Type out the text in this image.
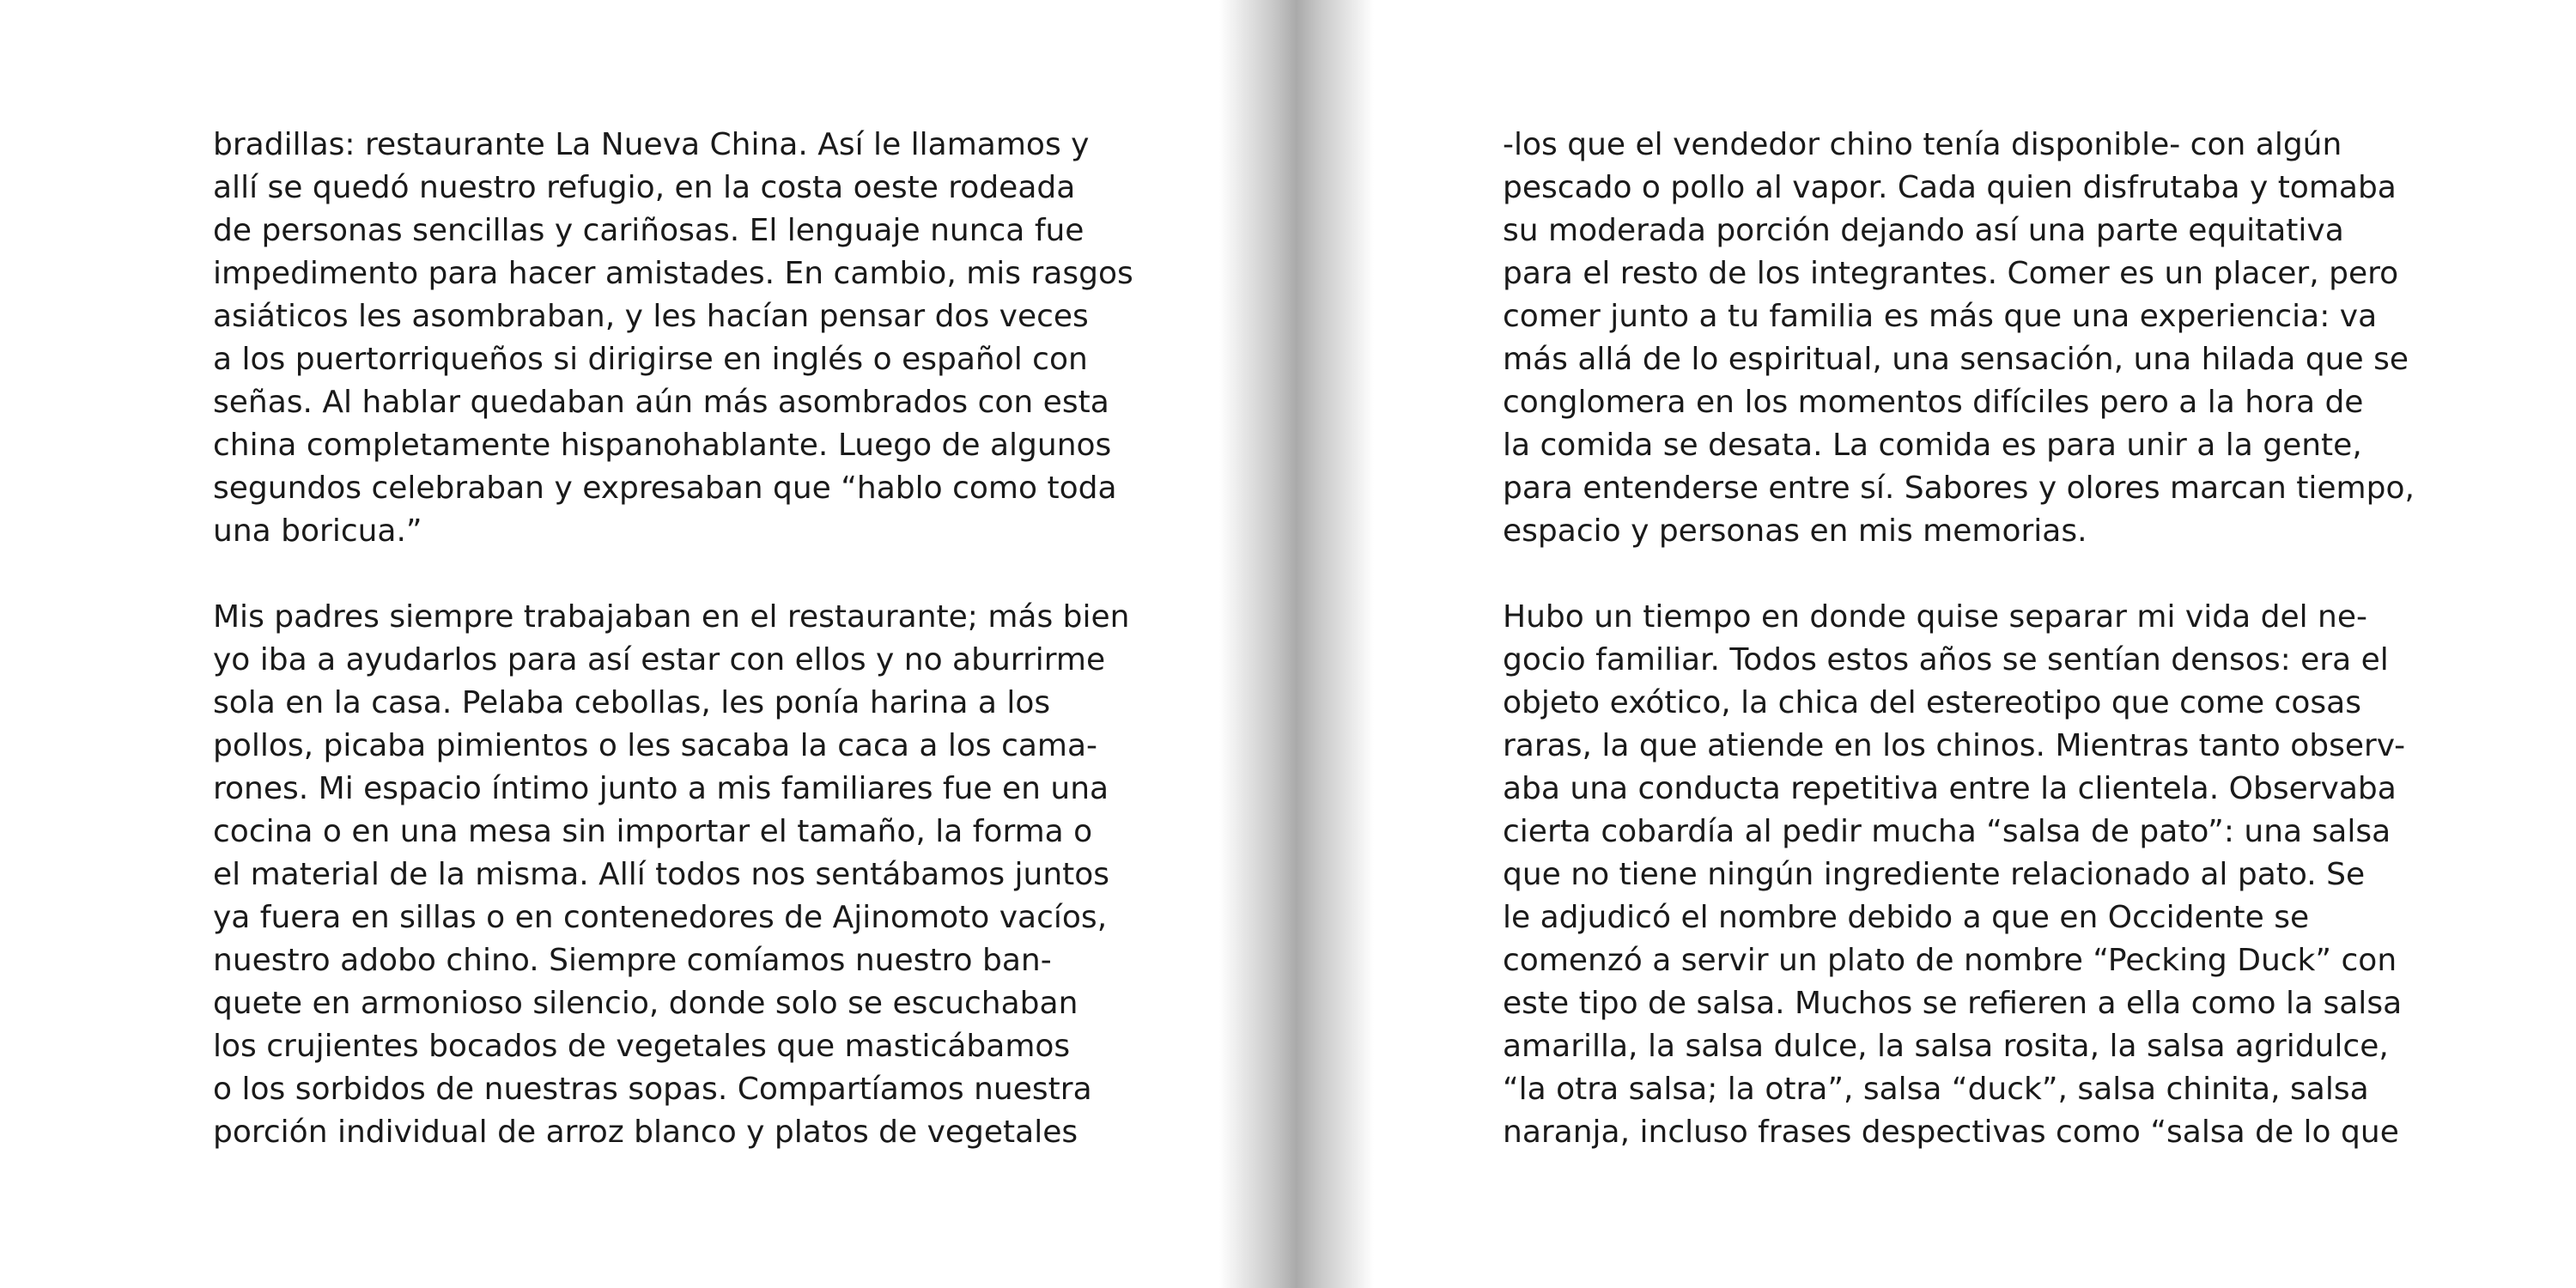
bradillas: restaurante La Nueva China. Así le llamamos y
allí se quedó nuestro refugio, en la costa oeste rodeada
de personas sencillas y cariñosas. El lenguaje nunca fue
impedimento para hacer amistades. En cambio, mis rasgos
asiáticos les asombraban, y les hacían pensar dos veces
a los puertorriqueños si dirigirse en inglés o español con
señas. Al hablar quedaban aún más asombrados con esta
china completamente hispanohablante. Luego de algunos
segundos celebraban y expresaban que “hablo como toda
una boricua.”

Mis padres siempre trabajaban en el restaurante; más bien
yo iba a ayudarlos para así estar con ellos y no aburrirme
sola en la casa. Pelaba cebollas, les ponía harina a los
pollos, picaba pimientos o les sacaba la caca a los cama-
rones. Mi espacio íntimo junto a mis familiares fue en una
cocina o en una mesa sin importar el tamaño, la forma o
el material de la misma. Allí todos nos sentábamos juntos
ya fuera en sillas o en contenedores de Ajinomoto vacíos,
nuestro adobo chino. Siempre comíamos nuestro ban-
quete en armonioso silencio, donde solo se escuchaban
los crujientes bocados de vegetales que masticábamos
o los sorbidos de nuestras sopas. Compartíamos nuestra
porción individual de arroz blanco y platos de vegetales

-los que el vendedor chino tenía disponible- con algún
pescado o pollo al vapor. Cada quien disfrutaba y tomaba
su moderada porción dejando así una parte equitativa
para el resto de los integrantes. Comer es un placer, pero
comer junto a tu familia es más que una experiencia: va
más allá de lo espiritual, una sensación, una hilada que se
conglomera en los momentos difíciles pero a la hora de
la comida se desata. La comida es para unir a la gente,
para entenderse entre sí. Sabores y olores marcan tiempo,
espacio y personas en mis memorias.

Hubo un tiempo en donde quise separar mi vida del ne-
gocio familiar. Todos estos años se sentían densos: era el
objeto exótico, la chica del estereotipo que come cosas
raras, la que atiende en los chinos. Mientras tanto observ-
aba una conducta repetitiva entre la clientela. Observaba
cierta cobardía al pedir mucha “salsa de pato”: una salsa
que no tiene ningún ingrediente relacionado al pato. Se
le adjudicó el nombre debido a que en Occidente se
comenzó a servir un plato de nombre “Pecking Duck” con
este tipo de salsa. Muchos se refieren a ella como la salsa
amarilla, la salsa dulce, la salsa rosita, la salsa agridulce,
“la otra salsa; la otra”, salsa “duck”, salsa chinita, salsa
naranja, incluso frases despectivas como “salsa de lo que
